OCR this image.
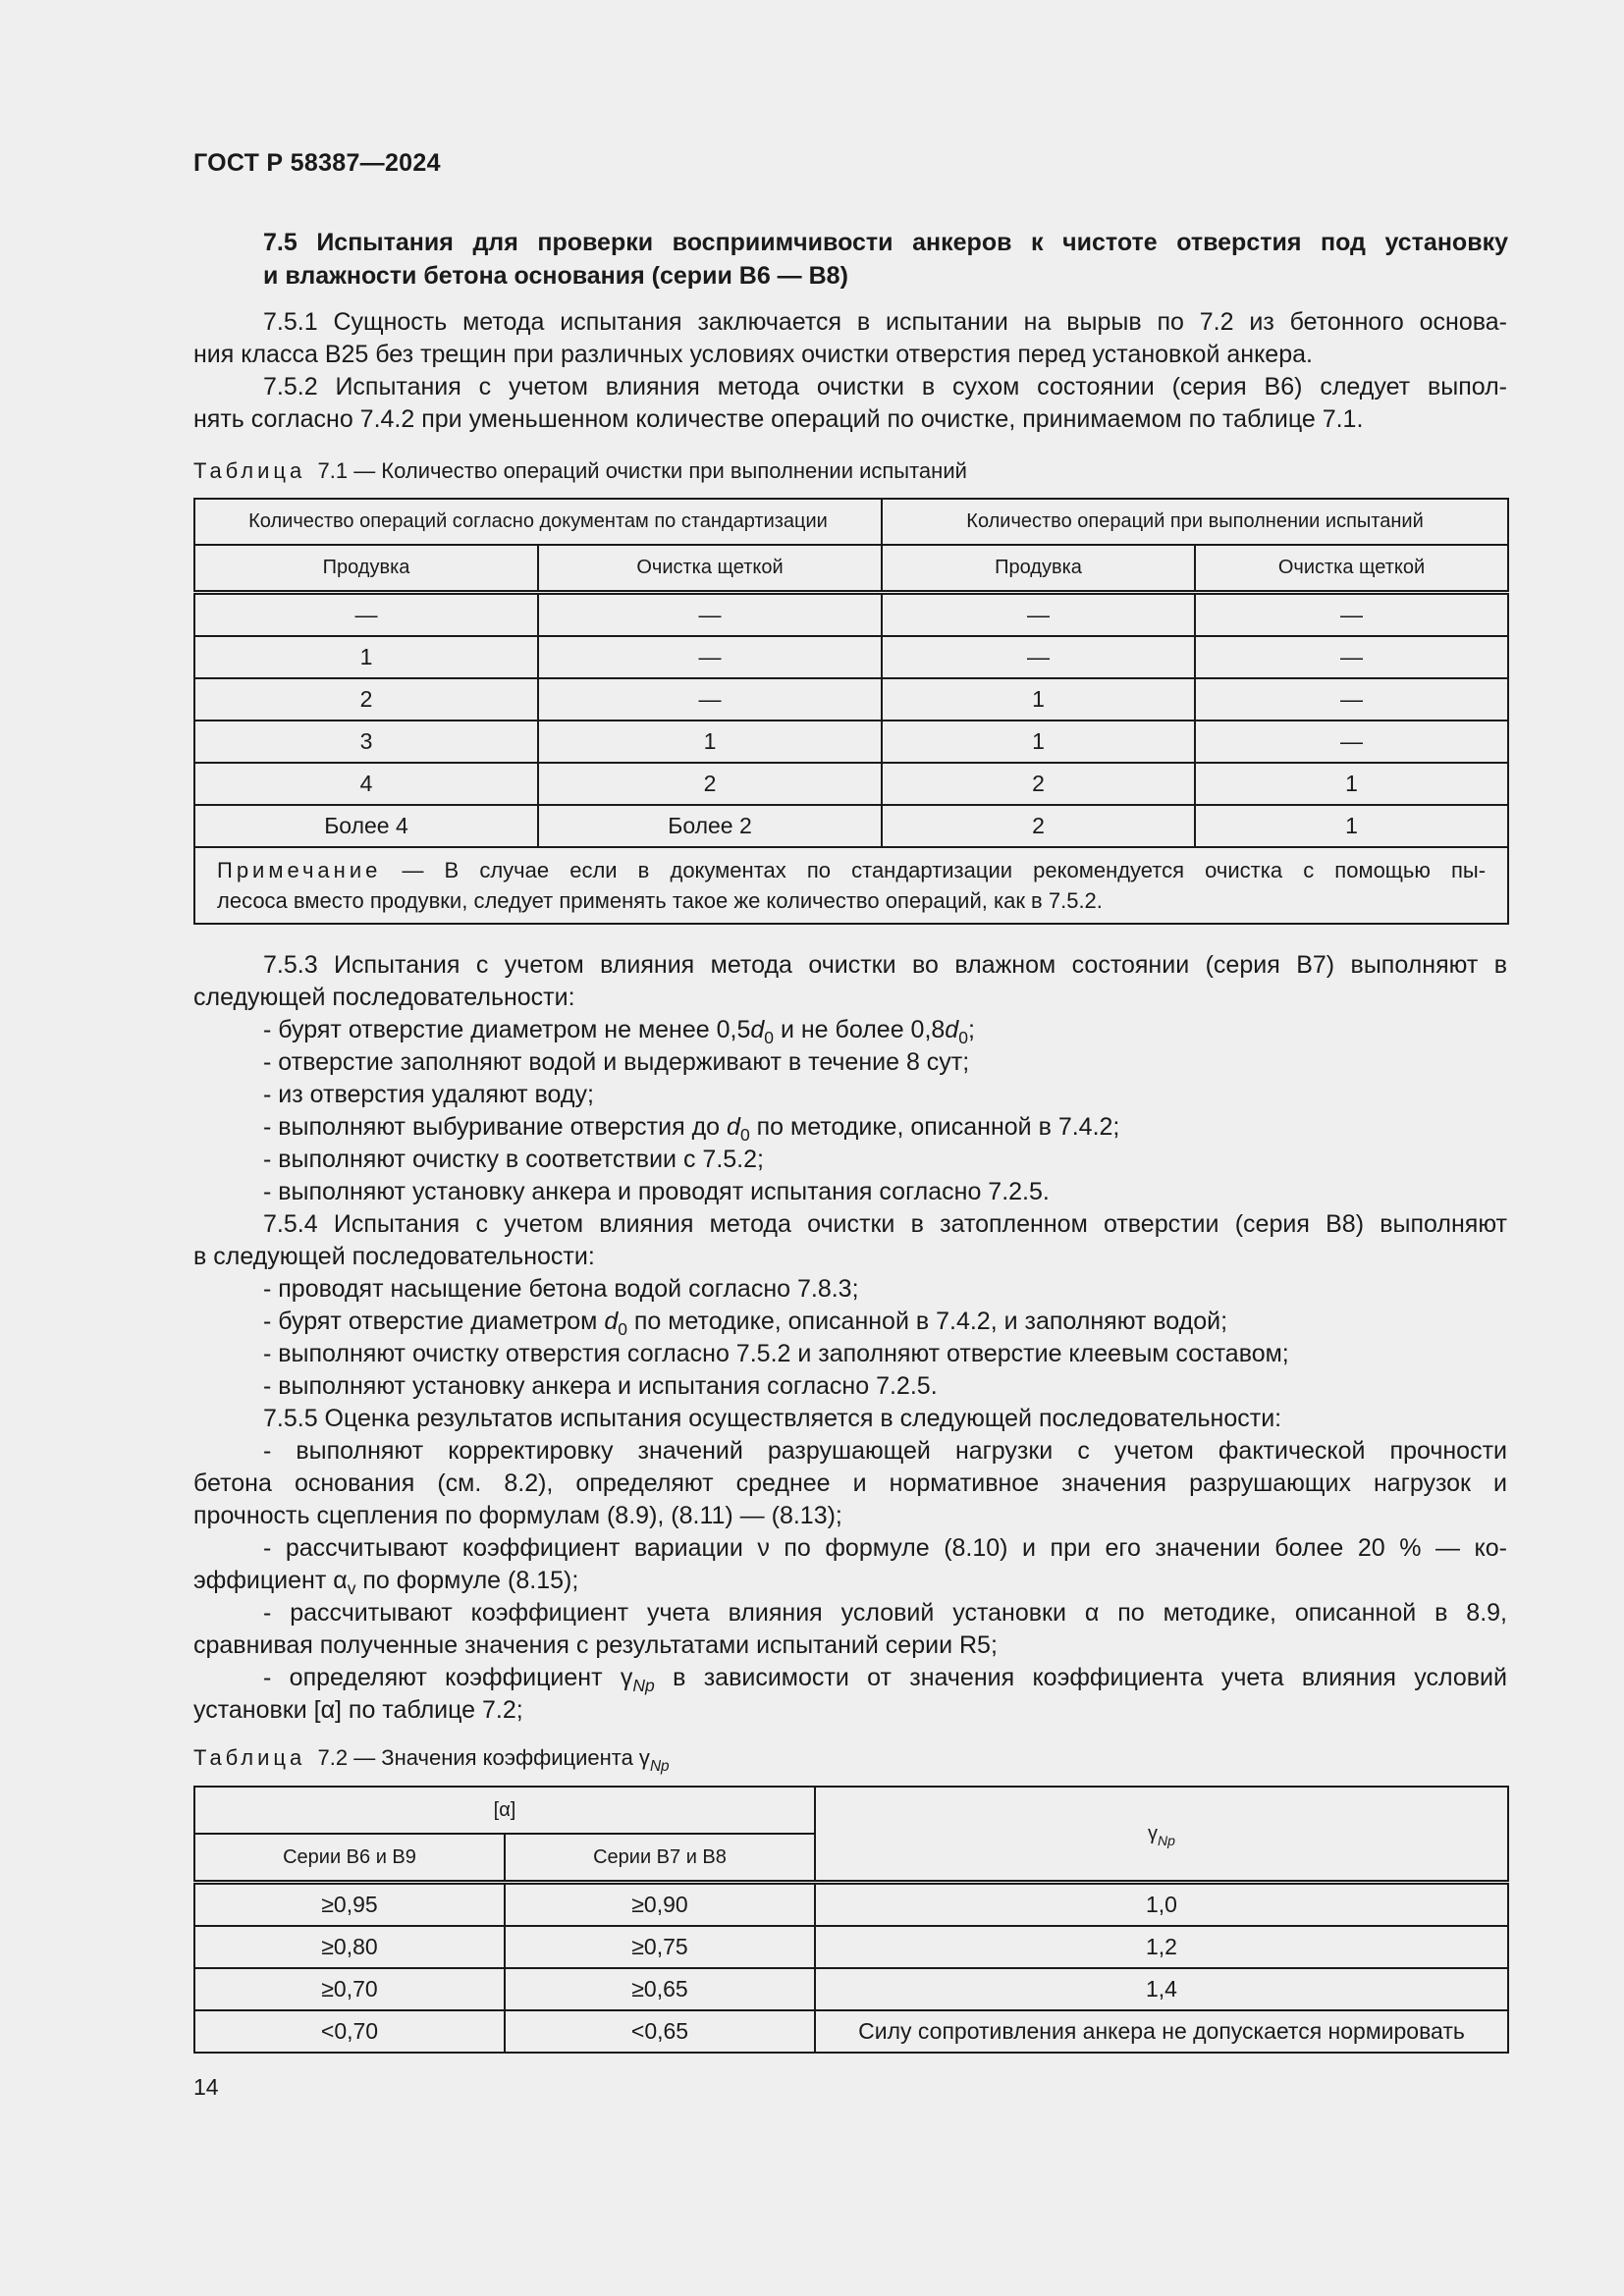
ГОСТ Р 58387—2024
7.5 Испытания для проверки восприимчивости анкеров к чистоте отверстия под установку
и влажности бетона основания (серии В6 — В8)
7.5.1 Сущность метода испытания заключается в испытании на вырыв по 7.2 из бетонного основа-
ния класса В25 без трещин при различных условиях очистки отверстия перед установкой анкера.
7.5.2 Испытания с учетом влияния метода очистки в сухом состоянии (серия В6) следует выпол-
нять согласно 7.4.2 при уменьшенном количестве операций по очистке, принимаемом по таблице 7.1.
Таблица 7.1 — Количество операций очистки при выполнении испытаний
Количество операций согласно документам по стандартизации		Количество операций при выполнении испытаний	
Продувка	Очистка щеткой	Продувка	Очистка щеткой
—	—	—	—
1	—	—	—
2	—	1	—
3	1	1	—
4	2	2	1
Более 4	Более 2	2	1

Примечание — В случае если в документах по стандартизации рекомендуется очистка с помощью пы-
лесоса вместо продувки, следует применять такое же количество операций, как в 7.5.2.			
7.5.3 Испытания с учетом влияния метода очистки во влажном состоянии (серия В7) выполняют в
следующей последовательности:
- бурят отверстие диаметром не менее $0,5d_0$ и не более $0,8d_0$;
- отверстие заполняют водой и выдерживают в течение 8 сут;
- из отверстия удаляют воду;
- выполняют выбуривание отверстия до $d_0$ по методике, описанной в 7.4.2;
- выполняют очистку в соответствии с 7.5.2;
- выполняют установку анкера и проводят испытания согласно 7.2.5.
7.5.4 Испытания с учетом влияния метода очистки в затопленном отверстии (серия В8) выполняют
в следующей последовательности:
- проводят насыщение бетона водой согласно 7.8.3;
- бурят отверстие диаметром $d_0$ по методике, описанной в 7.4.2, и заполняют водой;
- выполняют очистку отверстия согласно 7.5.2 и заполняют отверстие клеевым составом;
- выполняют установку анкера и испытания согласно 7.2.5.
7.5.5 Оценка результатов испытания осуществляется в следующей последовательности:
- выполняют корректировку значений разрушающей нагрузки с учетом фактической прочности
бетона основания (см. 8.2), определяют среднее и нормативное значения разрушающих нагрузок и
прочность сцепления по формулам (8.9), (8.11) — (8.13);
- рассчитывают коэффициент вариации ν по формуле (8.10) и при его значении более 20 % — ко-
эффициент $\alpha_v$ по формуле (8.15);
- рассчитывают коэффициент учета влияния условий установки α по методике, описанной в 8.9,
сравнивая полученные значения с результатами испытаний серии R5;
- определяют коэффициент $\gamma_{Np}$ в зависимости от значения коэффициента учета влияния условий
установки [α] по таблице 7.2;
Таблица 7.2 — Значения коэффициента $\gamma_{Np}$
[α]		$\gamma_{Np}$
Серии В6 и В9	Серии В7 и В8	
≥0,95	≥0,90	1,0
≥0,80	≥0,75	1,2
≥0,70	≥0,65	1,4
<0,70	<0,65	Силу сопротивления анкера не допускается нормировать
14
